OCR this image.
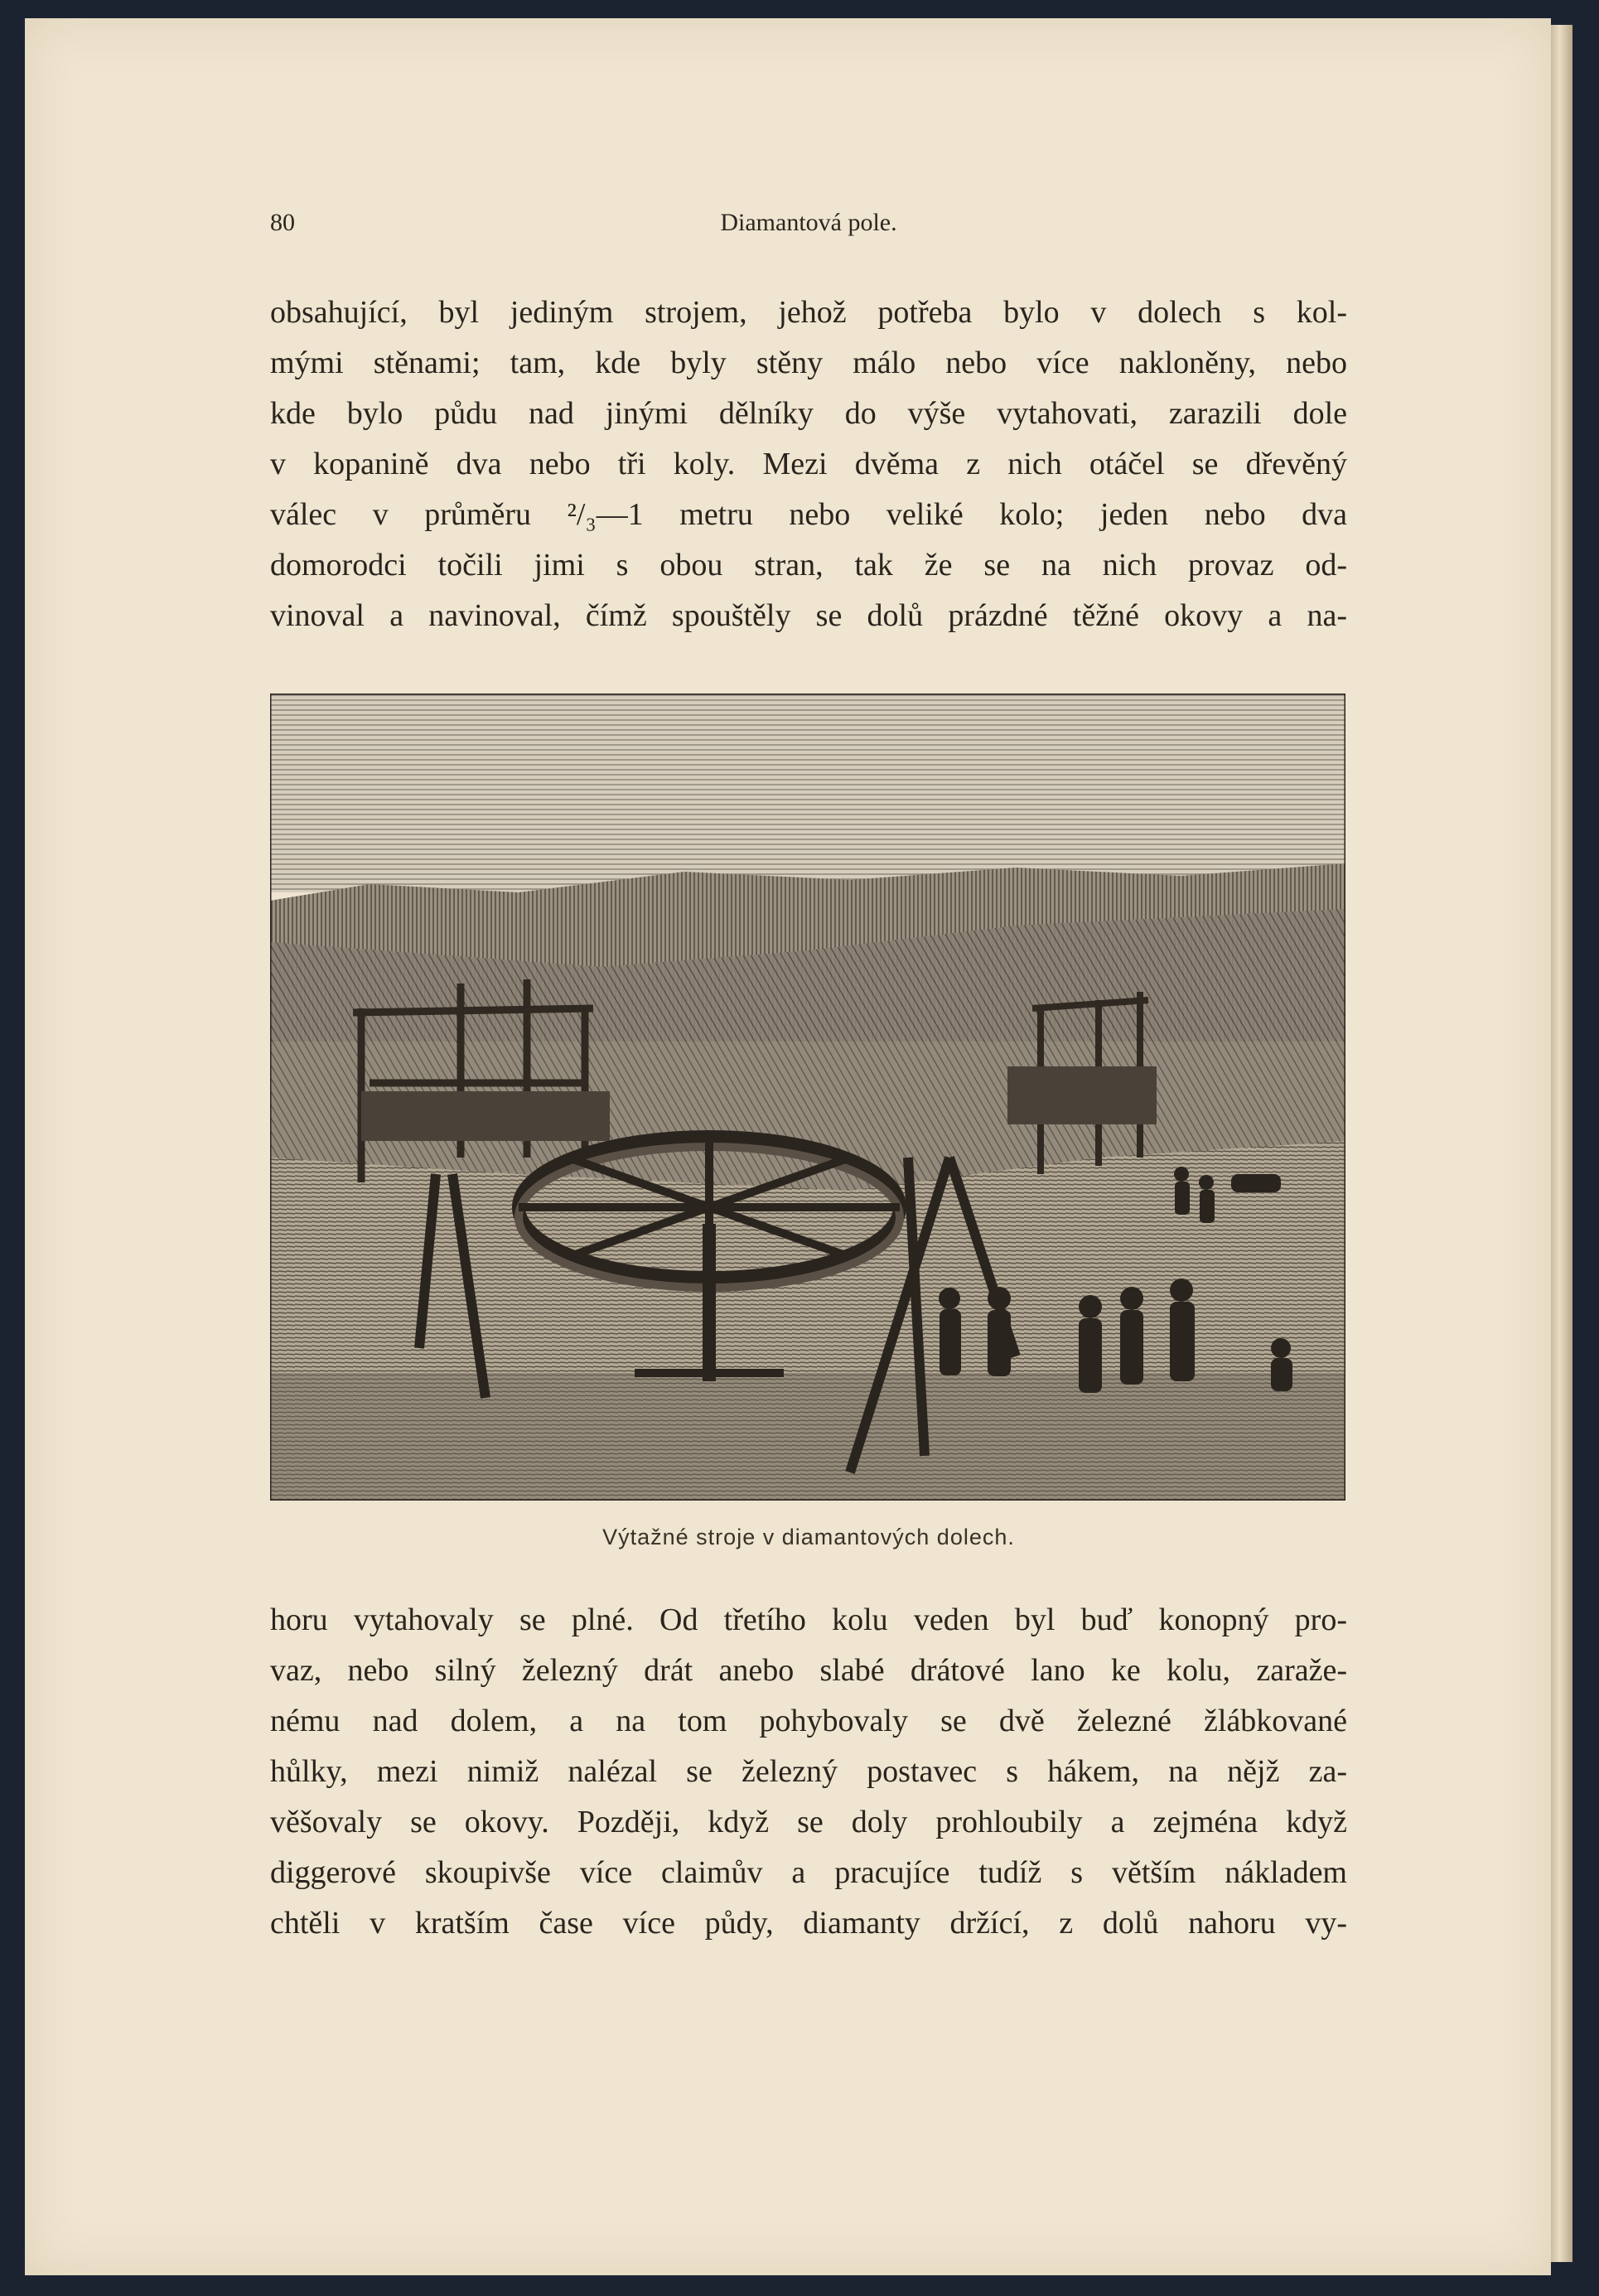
80	Diamantová pole.
obsahující, byl jediným strojem, jehož potřeba bylo v dolech s kol-
mými stěnami; tam, kde byly stěny málo nebo více nakloněny, nebo
kde bylo půdu nad jinými dělníky do výše vytahovati, zarazili dole
v kopanině dva nebo tři koly. Mezi dvěma z nich otáčel se dřevěný
válec v průměru ²/₃—1 metru nebo veliké kolo; jeden nebo dva
domorodci točili jimi s obou stran, tak že se na nich provaz od-
vinoval a navinoval, čímž spouštěly se dolů prázdné těžné okovy a na-
Výtažné stroje v diamantových dolech.
horu vytahovaly se plné. Od třetího kolu veden byl buď konopný pro-
vaz, nebo silný železný drát anebo slabé drátové lano ke kolu, zaraže-
nému nad dolem, a na tom pohybovaly se dvě železné žlábkované
hůlky, mezi nimiž nalézal se železný postavec s hákem, na nějž za-
věšovaly se okovy. Později, když se doly prohloubily a zejména když
diggerové skoupivše více claimův a pracujíce tudíž s větším nákladem
chtěli v kratším čase více půdy, diamanty držící, z dolů nahoru vy-
